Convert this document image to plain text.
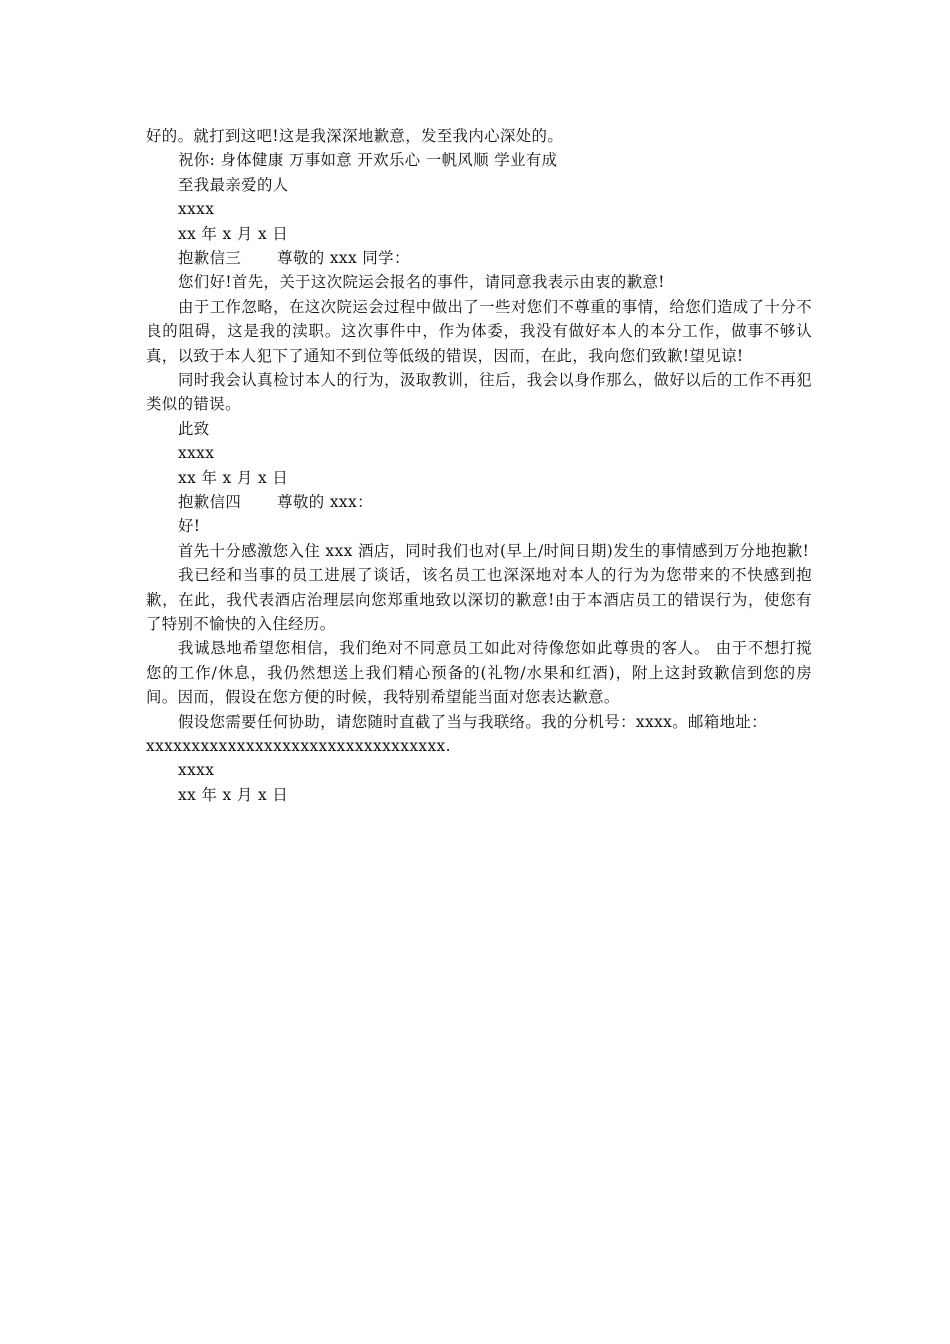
好的。就打到这吧!这是我深深地歉意，发至我内心深处的。
祝你: 身体健康 万事如意 开欢乐心 一帆风顺 学业有成
至我最亲爱的人
xxxx
xx 年 x 月 x 日
抱歉信三 尊敬的 xxx 同学：
您们好!首先，关于这次院运会报名的事件，请同意我表示由衷的歉意!
由于工作忽略，在这次院运会过程中做出了一些对您们不尊重的事情，给您们造成了十分不良的阻碍，这是我的渎职。这次事件中，作为体委，我没有做好本人的本分工作，做事不够认真，以致于本人犯下了通知不到位等低级的错误，因而，在此，我向您们致歉!望见谅!
同时我会认真检讨本人的行为，汲取教训，往后，我会以身作那么，做好以后的工作不再犯类似的错误。
此致
xxxx
xx 年 x 月 x 日
抱歉信四 尊敬的 xxx：
好!
首先十分感激您入住 xxx 酒店，同时我们也对(早上/时间日期)发生的事情感到万分地抱歉!
我已经和当事的员工进展了谈话，该名员工也深深地对本人的行为为您带来的不快感到抱歉，在此，我代表酒店治理层向您郑重地致以深切的歉意!由于本酒店员工的错误行为，使您有了特别不愉快的入住经历。
我诚恳地希望您相信，我们绝对不同意员工如此对待像您如此尊贵的客人。 由于不想打搅您的工作/休息，我仍然想送上我们精心预备的(礼物/水果和红酒)，附上这封致歉信到您的房间。因而，假设在您方便的时候，我特别希望能当面对您表达歉意。
假设您需要任何协助，请您随时直截了当与我联络。我的分机号：xxxx。邮箱地址：
xxxxxxxxxxxxxxxxxxxxxxxxxxxxxxxxx.
xxxx
xx 年 x 月 x 日
